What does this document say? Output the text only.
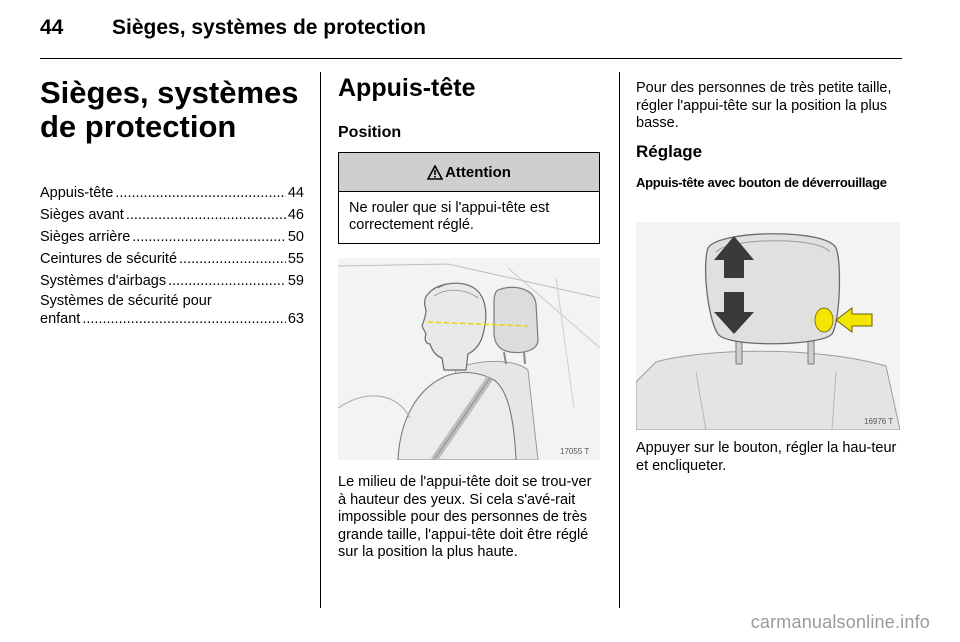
44 Sièges, systèmes de protection
Sièges, systèmes de protection
Appuis-tête .....	44
Sièges avant .....	46
Sièges arrière .....	50
Ceintures de sécurité .....	55
Systèmes d'airbags .....	59
Systèmes de sécurité pour
enfant .....	63
Appuis-tête
Position
Attention
Ne rouler que si l'appui-tête est correctement réglé.
17055 T
Le milieu de l'appui-tête doit se trou-ver à hauteur des yeux. Si cela s'avé-rait impossible pour des personnes de très grande taille, l'appui-tête doit être réglé sur la position la plus haute.
Pour des personnes de très petite taille, régler l'appui-tête sur la position la plus basse.
Réglage
Appuis-tête avec bouton de déverrouillage
16976 T
Appuyer sur le bouton, régler la hau-teur et encliqueter.
carmanualsonline.info
